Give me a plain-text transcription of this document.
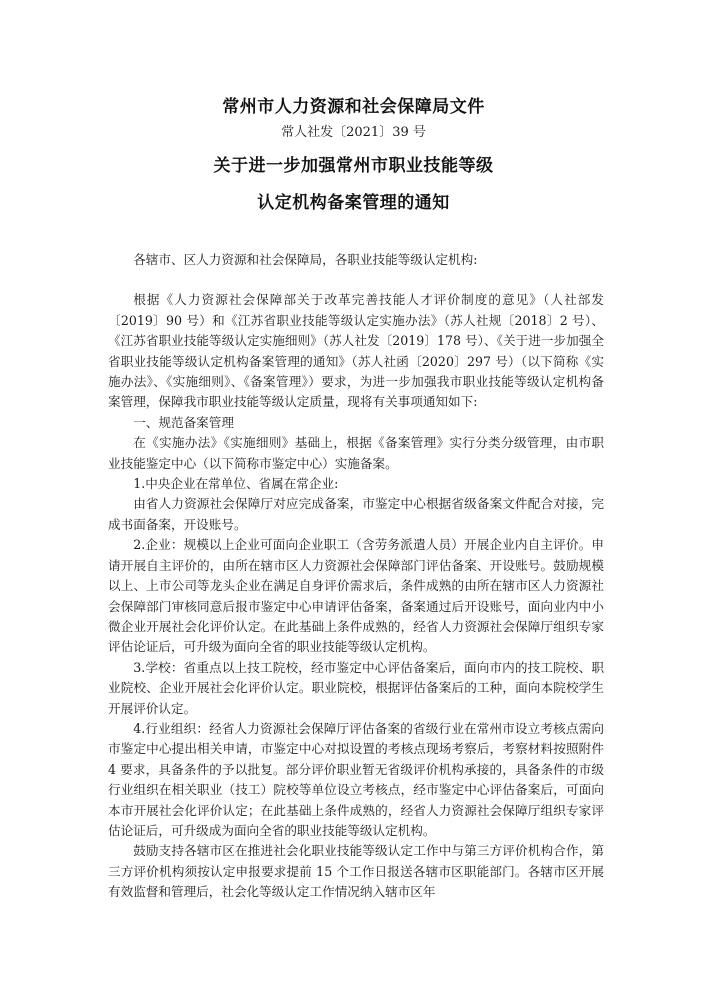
常州市人力资源和社会保障局文件
常人社发〔2021〕39 号
关于进一步加强常州市职业技能等级
认定机构备案管理的通知

各辖市、区人力资源和社会保障局，各职业技能等级认定机构:

根据《人力资源社会保障部关于改革完善技能人才评价制度的意见》（人社部发〔2019〕90 号）和《江苏省职业技能等级认定实施办法》（苏人社规〔2018〕2 号）、《江苏省职业技能等级认定实施细则》（苏人社发〔2019〕178 号）、《关于进一步加强全省职业技能等级认定机构备案管理的通知》（苏人社函〔2020〕297 号）（以下简称《实施办法》、《实施细则》、《备案管理》）要求，为进一步加强我市职业技能等级认定机构备案管理，保障我市职业技能等级认定质量，现将有关事项通知如下:

一、规范备案管理

在《实施办法》《实施细则》基础上，根据《备案管理》实行分类分级管理，由市职业技能鉴定中心（以下简称市鉴定中心）实施备案。

1.中央企业在常单位、省属在常企业:

由省人力资源社会保障厅对应完成备案，市鉴定中心根据省级备案文件配合对接，完成书面备案，开设账号。

2.企业：规模以上企业可面向企业职工（含劳务派遣人员）开展企业内自主评价。申请开展自主评价的，由所在辖市区人力资源社会保障部门评估备案、开设账号。鼓励规模以上、上市公司等龙头企业在满足自身评价需求后，条件成熟的由所在辖市区人力资源社会保障部门审核同意后报市鉴定中心申请评估备案，备案通过后开设账号，面向业内中小微企业开展社会化评价认定。在此基础上条件成熟的，经省人力资源社会保障厅组织专家评估论证后，可升级为面向全省的职业技能等级认定机构。

3.学校：省重点以上技工院校，经市鉴定中心评估备案后，面向市内的技工院校、职业院校、企业开展社会化评价认定。职业院校，根据评估备案后的工种，面向本院校学生开展评价认定。

4.行业组织：经省人力资源社会保障厅评估备案的省级行业在常州市设立考核点需向市鉴定中心提出相关申请，市鉴定中心对拟设置的考核点现场考察后，考察材料按照附件 4 要求，具备条件的予以批复。部分评价职业暂无省级评价机构承接的，具备条件的市级行业组织在相关职业（技工）院校等单位设立考核点，经市鉴定中心评估备案后，可面向本市开展社会化评价认定；在此基础上条件成熟的，经省人力资源社会保障厅组织专家评估论证后，可升级成为面向全省的职业技能等级认定机构。

鼓励支持各辖市区在推进社会化职业技能等级认定工作中与第三方评价机构合作，第三方评价机构须按认定申报要求提前 15 个工作日报送各辖市区职能部门。各辖市区开展有效监督和管理后，社会化等级认定工作情况纳入辖市区年
